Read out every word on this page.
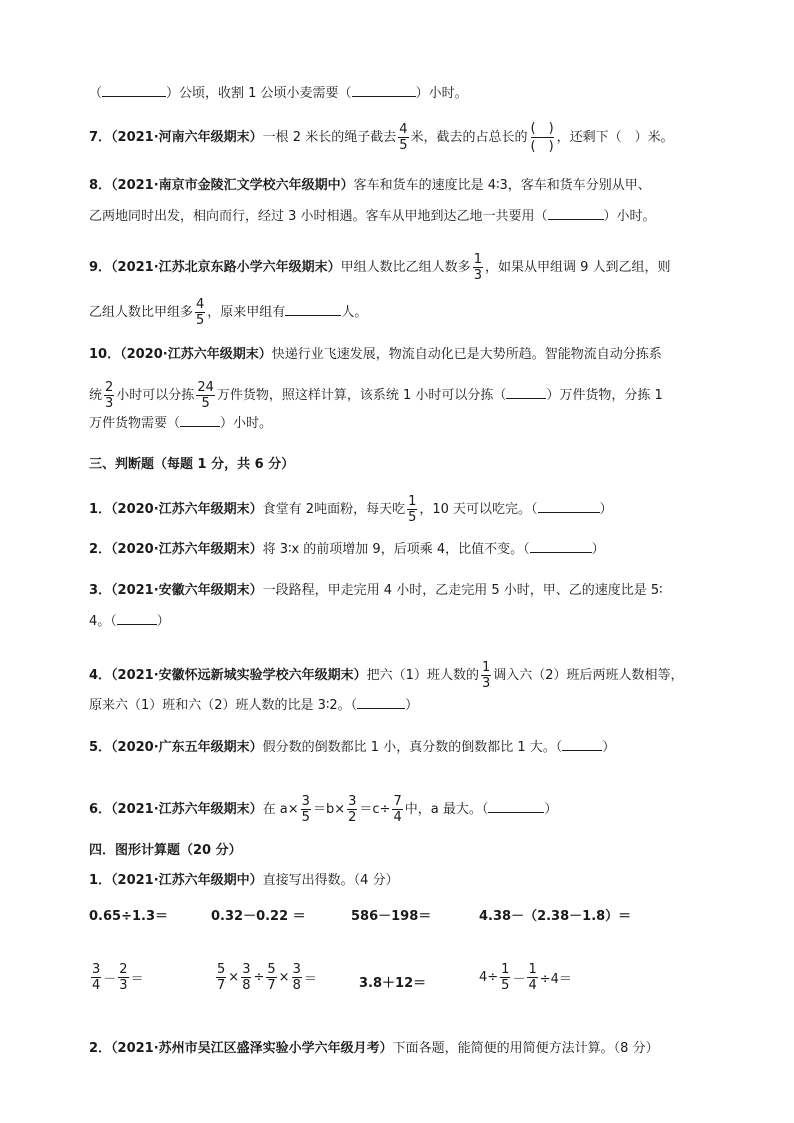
（	）公顷，收割 1 公顷小麦需要（	）小时。
7．（2021·河南六年级期末）一根 2 米长的绳子截去 $\frac{4}{5}$ 米，截去的占总长的
(　)
(　)
，还剩下（　）米。
8．（2021·南京市金陵汇文学校六年级期中）客车和货车的速度比是 4∶3，客车和货车分别从甲、
乙两地同时出发，相向而行，经过 3 小时相遇。客车从甲地到达乙地一共要用（	）小时。
9．（2021·江苏北京东路小学六年级期末）甲组人数比乙组人数多 $\frac{1}{3}$ ，如果从甲组调 9 人到乙组，则
乙组人数比甲组多 $\frac{4}{5}$ ，原来甲组有	人。
10．（2020·江苏六年级期末）快递行业飞速发展，物流自动化已是大势所趋。智能物流自动分拣系
统 $\frac{2}{3}$ 小时可以分拣 $\frac{24}{5}$ 万件货物，照这样计算，该系统 1 小时可以分拣（	）万件货物，分拣 1
万件货物需要（	）小时。
三、判断题（每题 1 分，共 6 分）
1．（2020·江苏六年级期末）食堂有 2吨面粉，每天吃 $\frac{1}{5}$ ，10 天可以吃完。（	）
2．（2020·江苏六年级期末）将 3∶x 的前项增加 9，后项乘 4，比值不变。（	）
3．（2021·安徽六年级期末）一段路程，甲走完用 4 小时，乙走完用 5 小时，甲、乙的速度比是 5∶
4。（	）
4．（2021·安徽怀远新城实验学校六年级期末）把六（1）班人数的 $\frac{1}{3}$ 调入六（2）班后两班人数相等，
原来六（1）班和六（2）班人数的比是 3∶2。（	）
5．（2020·广东五年级期末）假分数的倒数都比 1 小，真分数的倒数都比 1 大。（	）
6．（2021·江苏六年级期末）在 $a\times \frac{3}{5} =b\times \frac{3}{2} =c\div \frac{7}{4}$ 中，a 最大。（	）
四．图形计算题（20 分）
1．（2021·江苏六年级期中）直接写出得数。（4 分）
0.65÷1.3＝	0.32－0.22 ＝	586－198＝	4.38－（2.38－1.8）＝
$\frac{3}{4} - \frac{2}{3}$ ＝	$\frac{5}{7} \times \frac{3}{8} \div \frac{5}{7} \times \frac{3}{8}$ ＝	3.8＋12＝	$4\div \frac{1}{5} - \frac{1}{4} \div 4=$
2．（2021·苏州市吴江区盛泽实验小学六年级月考）下面各题，能简便的用简便方法计算。（8 分）
